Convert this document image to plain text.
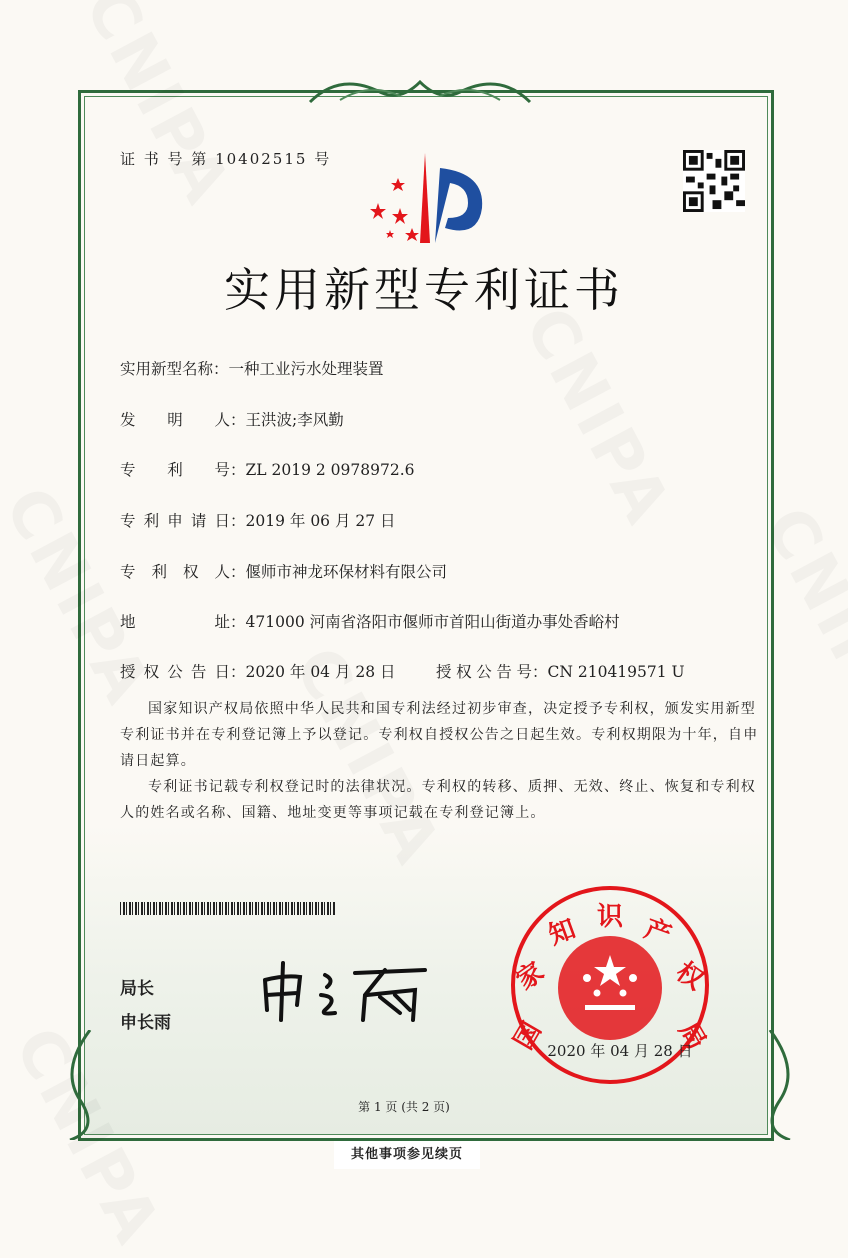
证 书 号 第 10402515 号
实用新型专利证书
实用新型名称：一种工业污水处理装置
发明人：王洪波;李风勤
专利号：ZL 2019 2 0978972.6
专利申请日：2019 年 06 月 27 日
专利权人：偃师市神龙环保材料有限公司
地址：471000 河南省洛阳市偃师市首阳山街道办事处香峪村
授权公告日：2020 年 04 月 28 日	授权公告号：CN 210419571 U

国家知识产权局依照中华人民共和国专利法经过初步审查，决定授予专利权，颁发实用新型专利证书并在专利登记簿上予以登记。专利权自授权公告之日起生效。专利权期限为十年，自申请日起算。

专利证书记载专利权登记时的法律状况。专利权的转移、质押、无效、终止、恢复和专利权人的姓名或名称、国籍、地址变更等事项记载在专利登记簿上。

局长
申长雨	国
家
知 识 产
权
局
2020 年 04 月 28 日
第 1 页 (共 2 页)
其他事项参见续页
